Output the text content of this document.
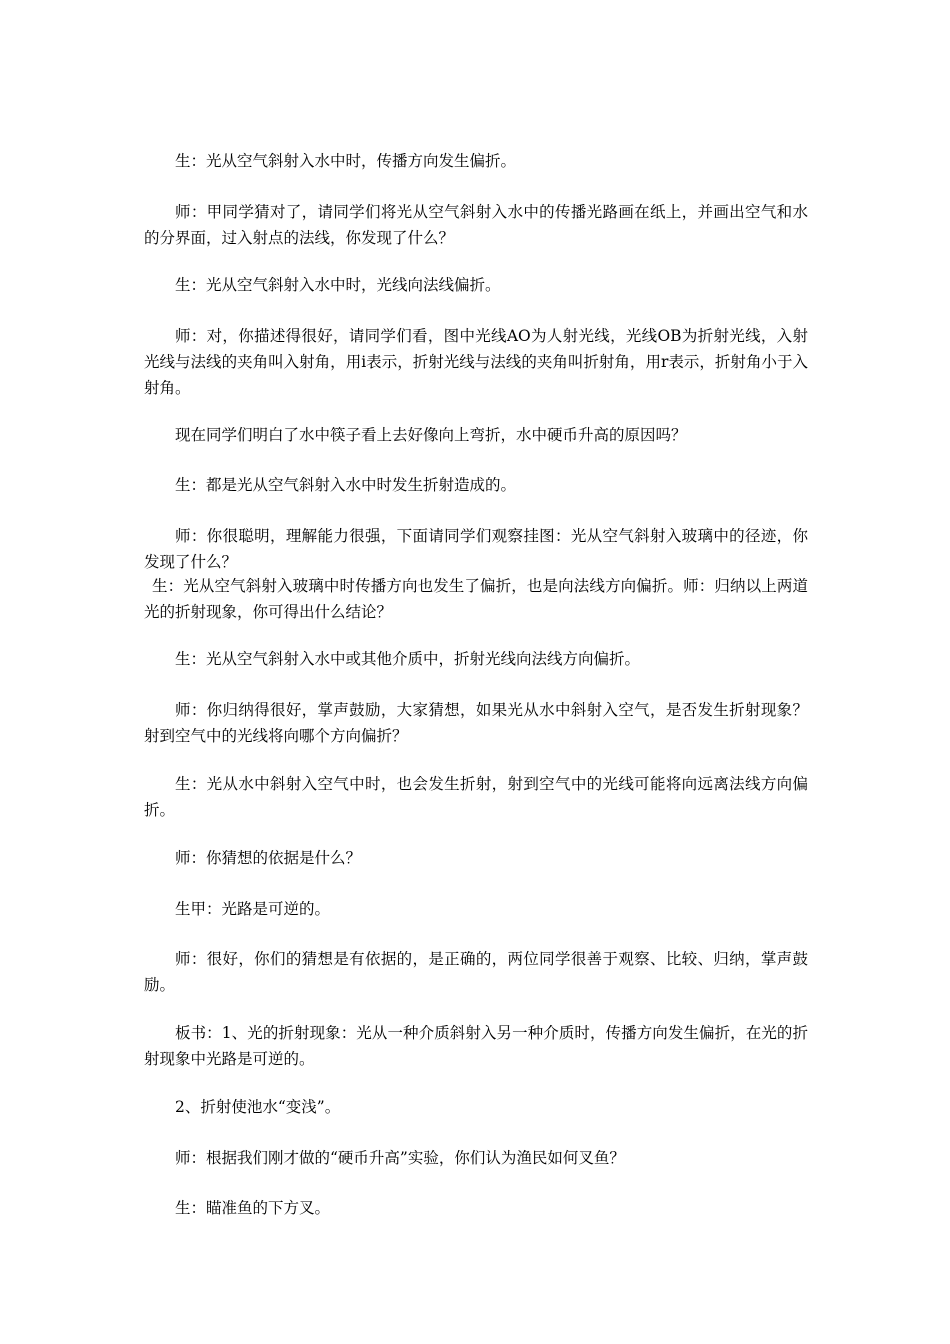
生：光从空气斜射入水中时，传播方向发生偏折。

师：甲同学猜对了，请同学们将光从空气斜射入水中的传播光路画在纸上，并画出空气和水的分界面，过入射点的法线，你发现了什么？

生：光从空气斜射入水中时，光线向法线偏折。

师：对，你描述得很好，请同学们看，图中光线AO为人射光线，光线OB为折射光线，入射光线与法线的夹角叫入射角，用i表示，折射光线与法线的夹角叫折射角，用r表示，折射角小于入射角。

现在同学们明白了水中筷子看上去好像向上弯折，水中硬币升高的原因吗？

生：都是光从空气斜射入水中时发生折射造成的。

师：你很聪明，理解能力很强，下面请同学们观察挂图：光从空气斜射入玻璃中的径迹，你发现了什么？

生：光从空气斜射入玻璃中时传播方向也发生了偏折，也是向法线方向偏折。师：归纳以上两道光的折射现象，你可得出什么结论？

生：光从空气斜射入水中或其他介质中，折射光线向法线方向偏折。

师：你归纳得很好，掌声鼓励，大家猜想，如果光从水中斜射入空气，是否发生折射现象？射到空气中的光线将向哪个方向偏折？

生：光从水中斜射入空气中时，也会发生折射，射到空气中的光线可能将向远离法线方向偏折。

师：你猜想的依据是什么？

生甲：光路是可逆的。

师：很好，你们的猜想是有依据的，是正确的，两位同学很善于观察、比较、归纳，掌声鼓励。

板书：1、光的折射现象：光从一种介质斜射入另一种介质时，传播方向发生偏折，在光的折射现象中光路是可逆的。

2、折射使池水“变浅”。

师：根据我们刚才做的“硬币升高”实验，你们认为渔民如何叉鱼？

生：瞄准鱼的下方叉。
